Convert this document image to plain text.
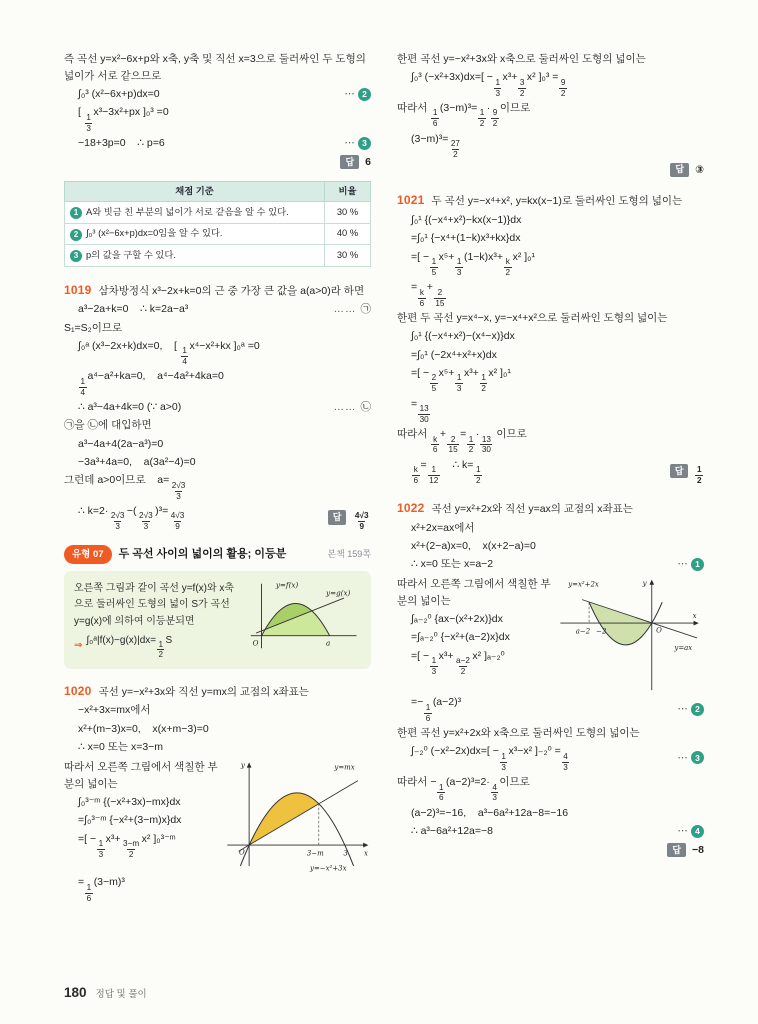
즉 곡선 y=x²−6x+p와 x축, y축 및 직선 x=3으로 둘러싸인 두 도형의 넓이가 서로 같으므로

∫₀³ (x²−6x+p)dx=0 ⋯	2
[
$\frac{1}{3}$
x³−3x²+px ]₀³ =0
−18+3p=0    ∴ p=6 ⋯	3
답	6
채점 기준	비율

1 A와 빗금 친 부분의 넓이가 서로 같음을 알 수 있다.	30 %

2 ∫₀³ (x²−6x+p)dx=0임을 알 수 있다.	40 %

3 p의 값을 구할 수 있다.	30 %

1019 삼차방정식 x³−2x+k=0의 근 중 가장 큰 값을 a(a>0)라 하면

a³−2a+k=0    ∴ k=2a−a³ ……	㉠
S₁=S₂이므로
∫₀ᵃ (x³−2x+k)dx=0,    [
$\frac{1}{4}$
x⁴−x²+kx ]₀ᵃ =0
$\frac{1}{4}$
a⁴−a²+ka=0,    a⁴−4a²+4ka=0
∴ a³−4a+4k=0 (∵ a>0) ……	㉡
㉠을 ㉡에 대입하면
a³−4a+4(2a−a³)=0
−3a³+4a=0,    a(3a²−4)=0
그런데 a>0이므로    a=
$\frac{2√3}{3}$
∴ k=2·
$\frac{2√3}{3}$
−(
$\frac{2√3}{3}$
)³=
$\frac{4√3}{9}$	답	$\frac{4√3}{9}$
유형 07	두 곡선 사이의 넓이의 활용; 이등분	본책 159쪽

오른쪽 그림과 같이 곡선 y=f(x)와 x축으로 둘러싸인 도형의 넓이 S가 곡선 y=g(x)에 의하여 이등분되면

⇒ ∫₀ᵃ|f(x)−g(x)|dx= $\frac{1}{2}$ S

y=f(x)
y=g(x)
O	a

1020 곡선 y=−x²+3x와 직선 y=mx의 교점의 x좌표는

−x²+3x=mx에서
x²+(m−3)x=0,    x(x+m−3)=0
∴ x=0 또는 x=3−m

따라서 오른쪽 그림에서 색칠한 부분의 넓이는

∫₀³⁻ᵐ {(−x²+3x)−mx}dx
=∫₀³⁻ᵐ {−x²+(3−m)x}dx
=[ −
$\frac{1}{3}$
x³+
$\frac{3-m}{2}$
x² ]₀³⁻ᵐ
y	y=mx
3−m 3 x
O
y=−x²+3x
=
$\frac{1}{6}$
(3−m)³

한편 곡선 y=−x²+3x와 x축으로 둘러싸인 도형의 넓이는

∫₀³ (−x²+3x)dx=[ −
$\frac{1}{3}$
x³+
$\frac{3}{2}$
x² ]₀³ =
$\frac{9}{2}$
따라서
$\frac{1}{6}$
(3−m)³=
$\frac{1}{2}$
·
$\frac{9}{2}$
이므로
(3−m)³=
$\frac{27}{2}$
답	③

1021 두 곡선 y=−x⁴+x², y=kx(x−1)로 둘러싸인 도형의 넓이는

∫₀¹ {(−x⁴+x²)−kx(x−1)}dx
=∫₀¹ {−x⁴+(1−k)x³+kx}dx
=[ −
$\frac{1}{5}$
x⁵+
$\frac{1}{3}$
(1−k)x³+
$\frac{k}{2}$
x² ]₀¹
=
$\frac{k}{6}$
+
$\frac{2}{15}$

한편 두 곡선 y=x⁴−x, y=−x⁴+x²으로 둘러싸인 도형의 넓이는

∫₀¹ {(−x⁴+x²)−(x⁴−x)}dx
=∫₀¹ (−2x⁴+x²+x)dx
=[ −
$\frac{2}{5}$
x⁵+
$\frac{1}{3}$
x³+
$\frac{1}{2}$
x² ]₀¹
=
$\frac{13}{30}$
따라서
$\frac{k}{6}$
+
$\frac{2}{15}$
=
$\frac{1}{2}$
·
$\frac{13}{30}$
이므로
$\frac{k}{6}$
=
$\frac{1}{12}$
∴ k=
$\frac{1}{2}$	답	$\frac{1}{2}$

1022 곡선 y=x²+2x와 직선 y=ax의 교점의 x좌표는

x²+2x=ax에서
x²+(2−a)x=0,    x(x+2−a)=0
∴ x=0 또는 x=a−2 ⋯	1

따라서 오른쪽 그림에서 색칠한 부분의 넓이는

∫ₐ₋₂⁰ {ax−(x²+2x)}dx
=∫ₐ₋₂⁰ {−x²+(a−2)x}dx
=[ −
$\frac{1}{3}$
x³+
$\frac{a-2}{2}$
x² ]ₐ₋₂⁰
y
y=x²+2x
a−2 −2	O
y=ax
x
=−
$\frac{1}{6}$
(a−2)³
⋯
2

한편 곡선 y=x²+2x와 x축으로 둘러싸인 도형의 넓이는

∫₋₂⁰ (−x²−2x)dx=[ −
$\frac{1}{3}$
x³−x² ]₋₂⁰ =
$\frac{4}{3}$ ⋯	3
따라서 −
$\frac{1}{6}$
(a−2)³=2·
$\frac{4}{3}$
이므로
(a−2)³=−16,    a³−6a²+12a−8=−16
∴ a³−6a²+12a=−8 ⋯	4
답	−8
180 정답 및 풀이
